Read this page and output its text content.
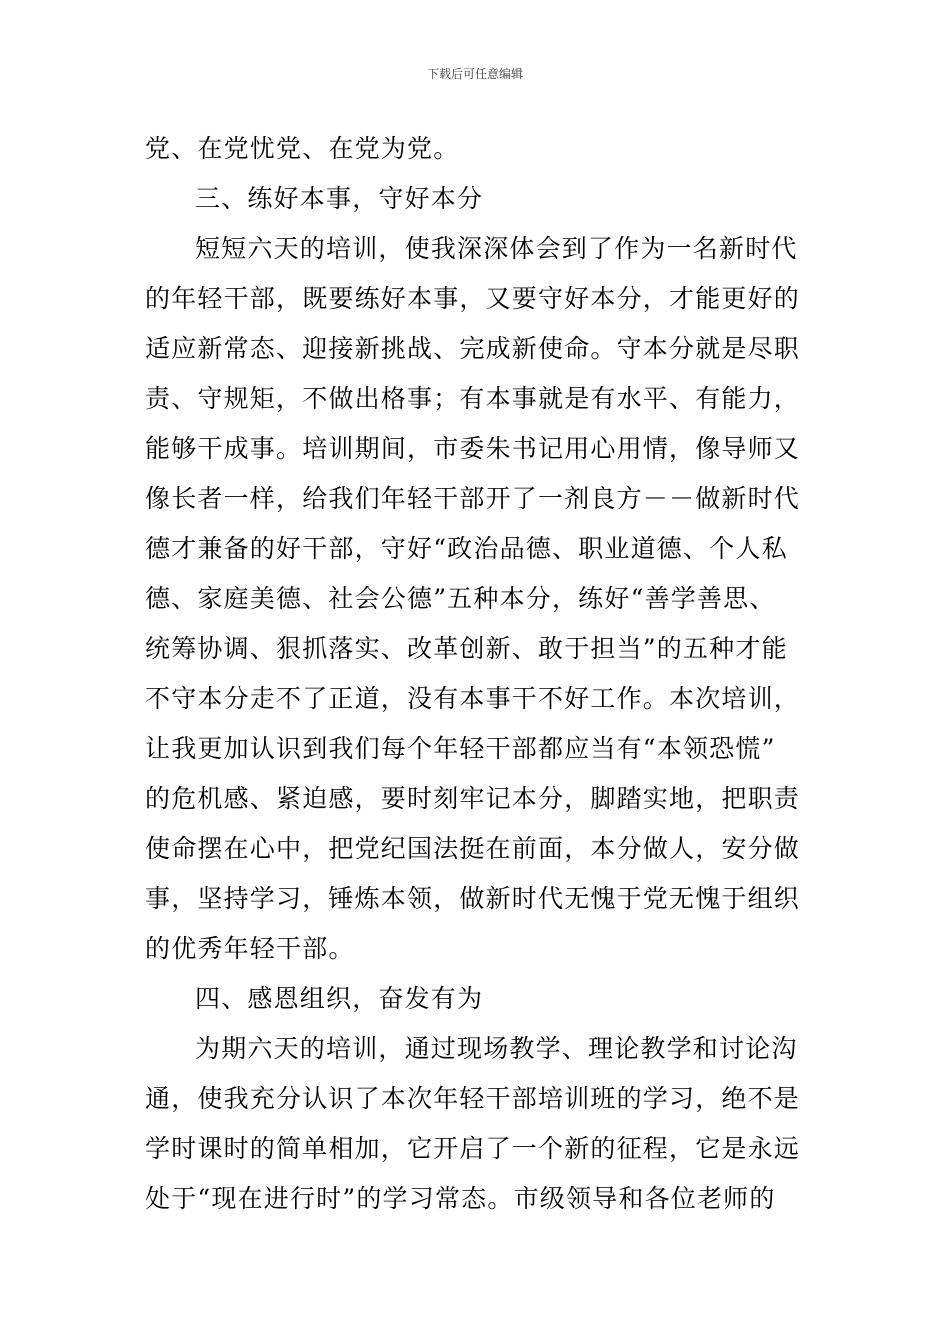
下载后可任意编辑
党、在党忧党、在党为党。
三、练好本事，守好本分
短短六天的培训，使我深深体会到了作为一名新时代
的年轻干部，既要练好本事，又要守好本分，才能更好的
适应新常态、迎接新挑战、完成新使命。守本分就是尽职
责、守规矩，不做出格事；有本事就是有水平、有能力，
能够干成事。培训期间，市委朱书记用心用情，像导师又
像长者一样，给我们年轻干部开了一剂良方－－做新时代
德才兼备的好干部，守好“政治品德、职业道德、个人私
德、家庭美德、社会公德”五种本分，练好“善学善思、
统筹协调、狠抓落实、改革创新、敢于担当”的五种才能
不守本分走不了正道，没有本事干不好工作。本次培训，
让我更加认识到我们每个年轻干部都应当有“本领恐慌”
的危机感、紧迫感，要时刻牢记本分，脚踏实地，把职责
使命摆在心中，把党纪国法挺在前面，本分做人，安分做
事，坚持学习，锤炼本领，做新时代无愧于党无愧于组织
的优秀年轻干部。
四、感恩组织，奋发有为
为期六天的培训，通过现场教学、理论教学和讨论沟
通，使我充分认识了本次年轻干部培训班的学习，绝不是
学时课时的简单相加，它开启了一个新的征程，它是永远
处于“现在进行时”的学习常态。市级领导和各位老师的
